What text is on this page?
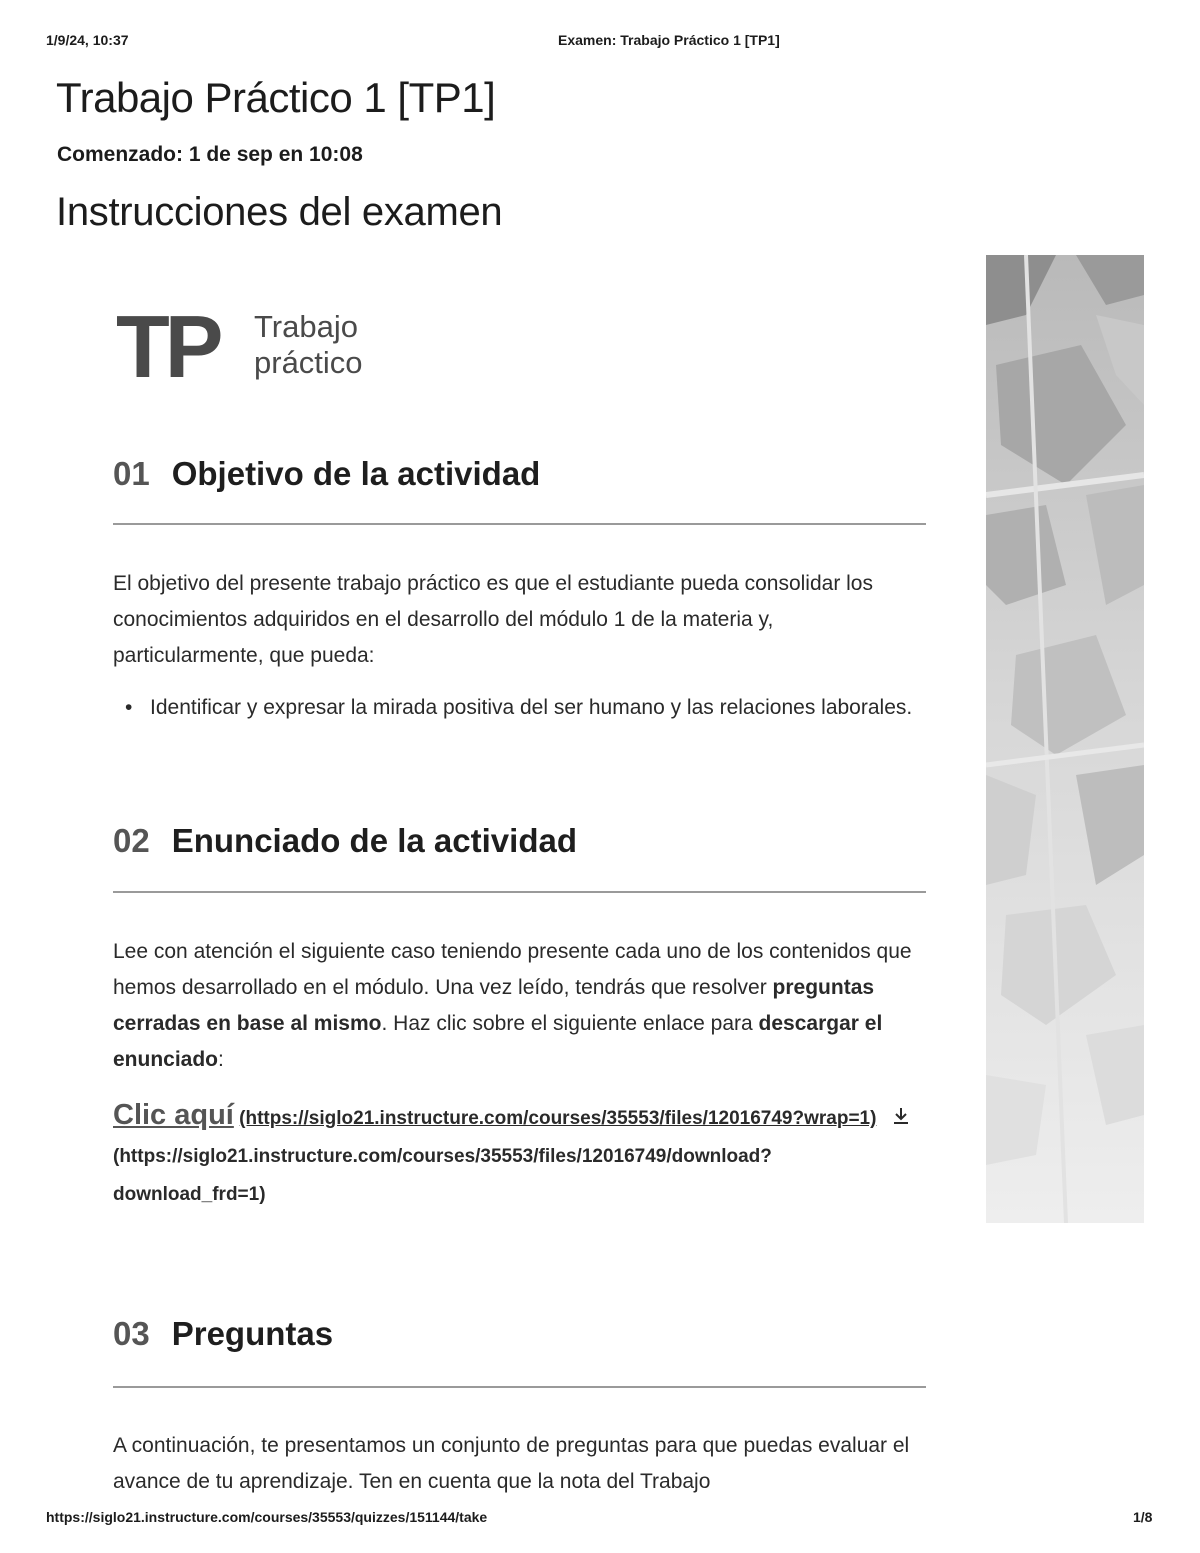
1/9/24, 10:37	Examen: Trabajo Práctico 1 [TP1]
Trabajo Práctico 1 [TP1]
Comenzado: 1 de sep en 10:08
Instrucciones del examen
TP Trabajo
práctico
01 Objetivo de la actividad

El objetivo del presente trabajo práctico es que el estudiante pueda consolidar los conocimientos adquiridos en el desarrollo del módulo 1 de la materia y, particularmente, que pueda:

• Identificar y expresar la mirada positiva del ser humano y las relaciones laborales.
02 Enunciado de la actividad

Lee con atención el siguiente caso teniendo presente cada uno de los contenidos que hemos desarrollado en el módulo. Una vez leído, tendrás que resolver preguntas cerradas en base al mismo. Haz clic sobre el siguiente enlace para descargar el enunciado:

Clic aquí (https://siglo21.instructure.com/courses/35553/files/12016749?wrap=1)
(https://siglo21.instructure.com/courses/35553/files/12016749/download?download_frd=1)
03 Preguntas

A continuación, te presentamos un conjunto de preguntas para que puedas evaluar el avance de tu aprendizaje. Ten en cuenta que la nota del Trabajo

https://siglo21.instructure.com/courses/35553/quizzes/151144/take	1/8
